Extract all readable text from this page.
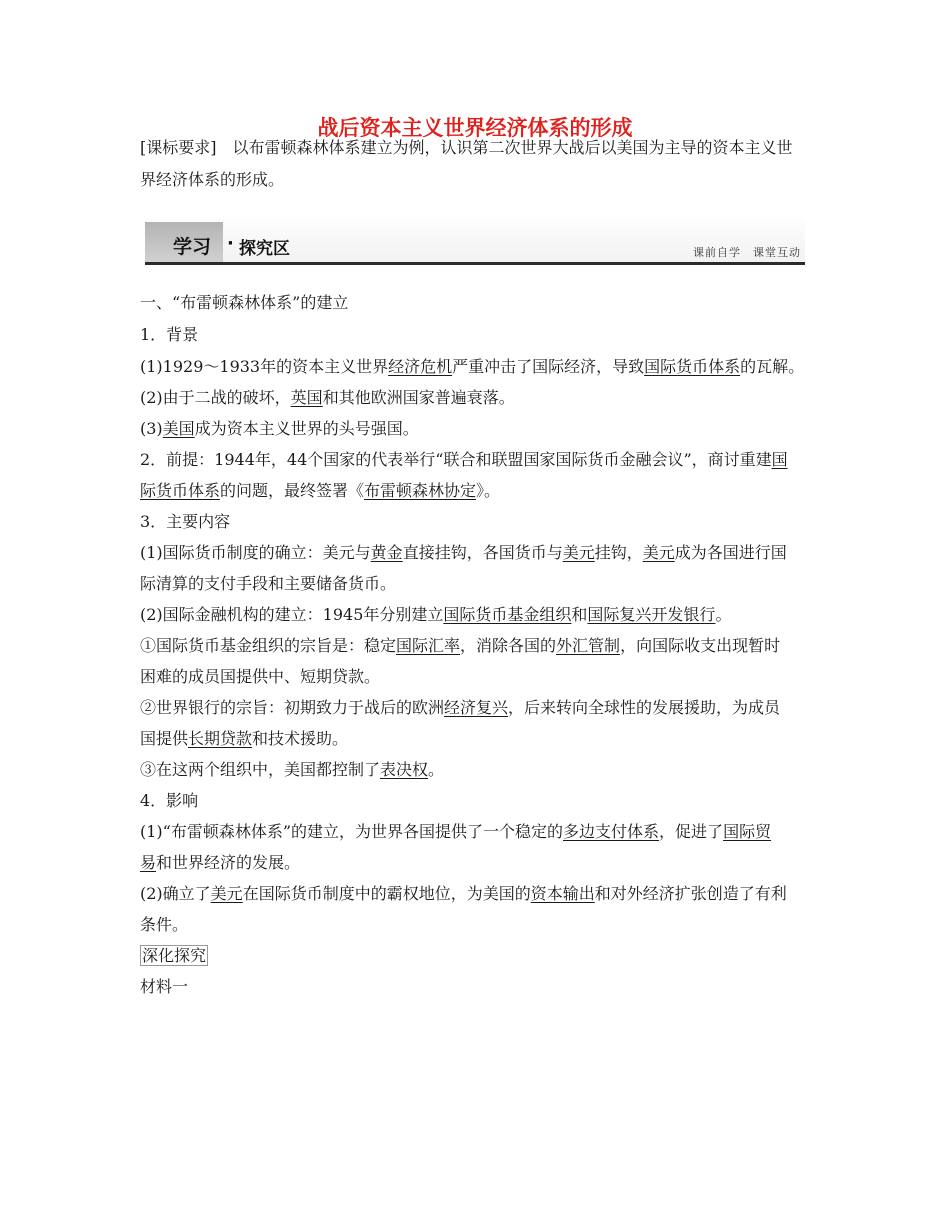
战后资本主义世界经济体系的形成
[课标要求]　 以布雷顿森林体系建立为例，认识第二次世界大战后以美国为主导的资本主义世
界经济体系的形成。
学习 · 探究区	课前自学　课堂互动
一、“布雷顿森林体系”的建立
1．背景
(1)1929～1933年的资本主义世界经济危机严重冲击了国际经济，导致国际货币体系的瓦解。
(2)由于二战的破坏，英国和其他欧洲国家普遍衰落。
(3)美国成为资本主义世界的头号强国。
2．前提：1944年，44个国家的代表举行“联合和联盟国家国际货币金融会议”，商讨重建国
际货币体系的问题，最终签署《布雷顿森林协定》。
3．主要内容
(1)国际货币制度的确立：美元与黄金直接挂钩，各国货币与美元挂钩，美元成为各国进行国
际清算的支付手段和主要储备货币。
(2)国际金融机构的建立：1945年分别建立国际货币基金组织和国际复兴开发银行。
①国际货币基金组织的宗旨是：稳定国际汇率，消除各国的外汇管制，向国际收支出现暂时
困难的成员国提供中、短期贷款。
②世界银行的宗旨：初期致力于战后的欧洲经济复兴，后来转向全球性的发展援助，为成员
国提供长期贷款和技术援助。
③在这两个组织中，美国都控制了表决权。
4．影响
(1)“布雷顿森林体系”的建立，为世界各国提供了一个稳定的多边支付体系，促进了国际贸
易和世界经济的发展。
(2)确立了美元在国际货币制度中的霸权地位，为美国的资本输出和对外经济扩张创造了有利
条件。
深化探究
材料一
